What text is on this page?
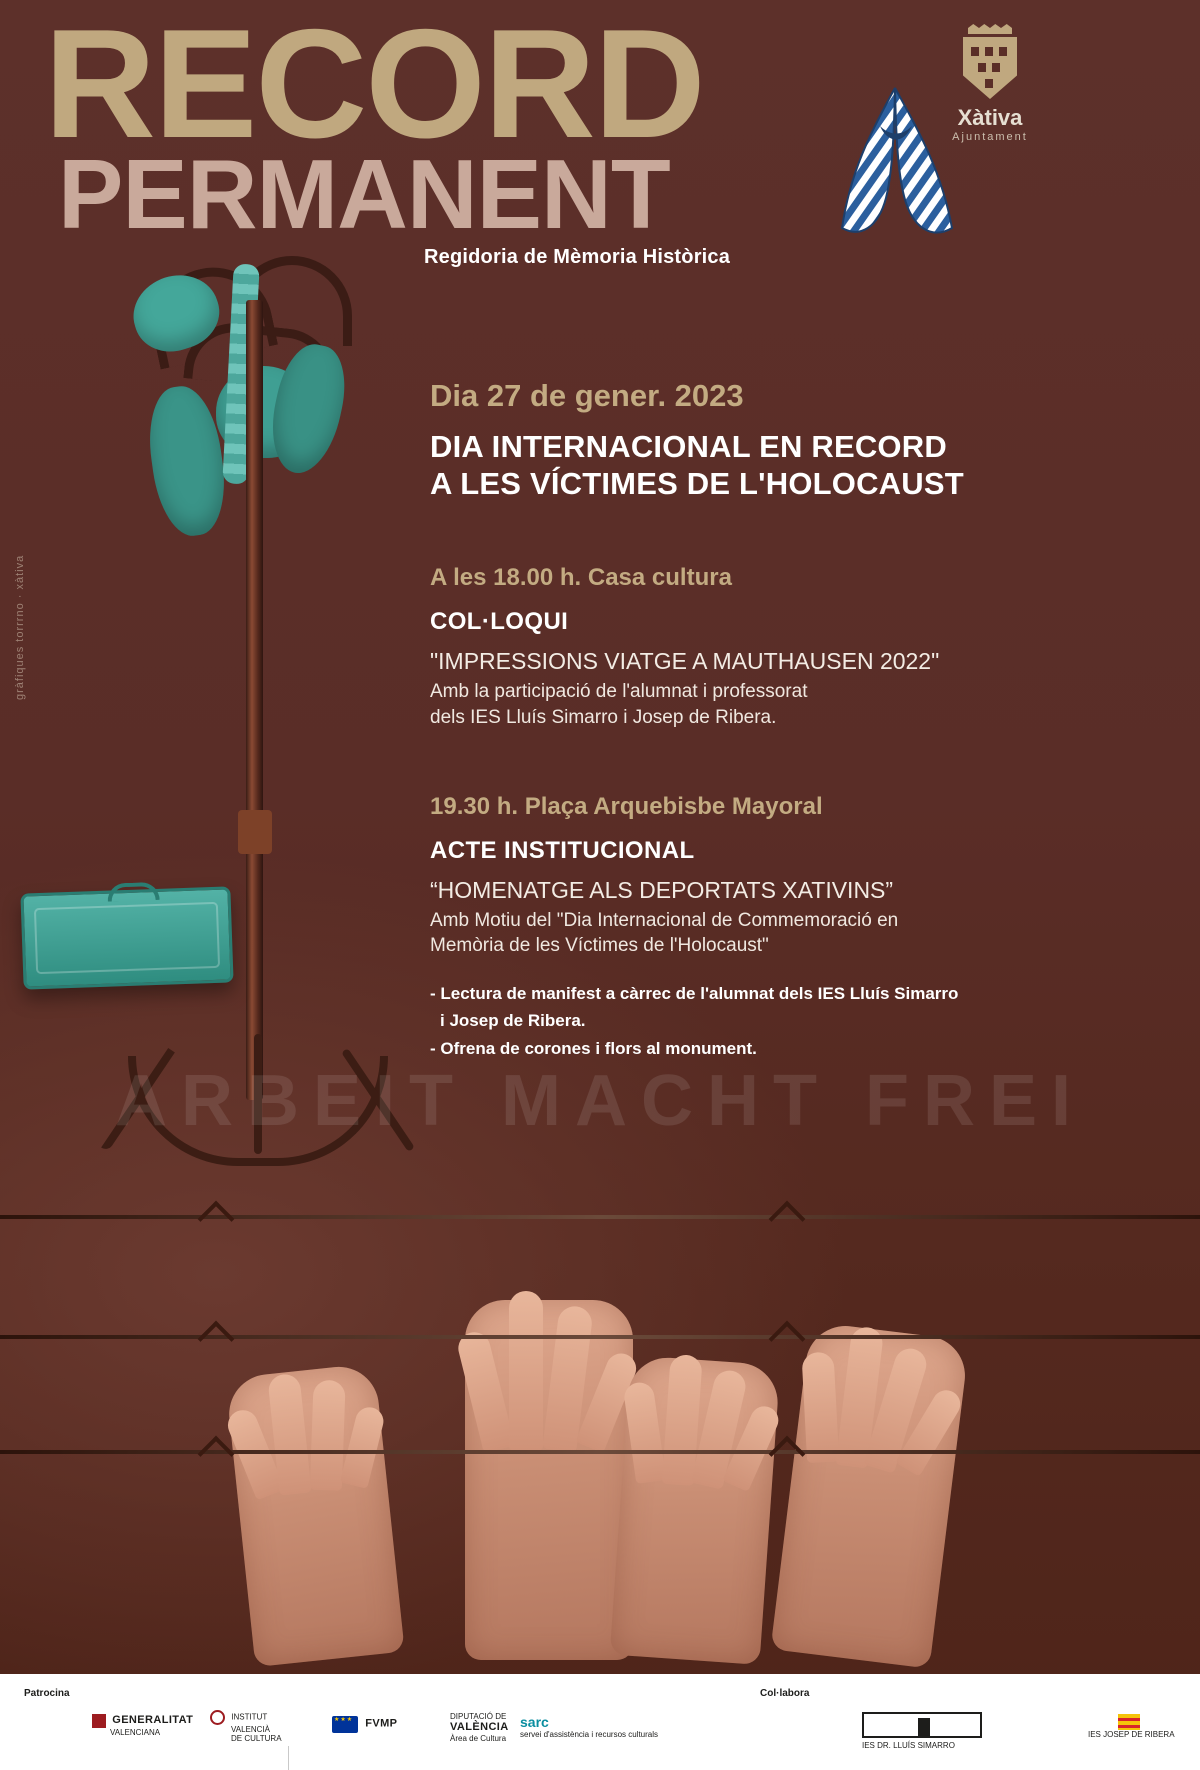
RECORD
PERMANENT
Regidoria de Mèmoria Històrica
Xàtiva
Ajuntament
gràfiques torrrno · xàtiva
Dia 27 de gener. 2023
DIA INTERNACIONAL EN RECORD
A LES VÍCTIMES DE L'HOLOCAUST
A les 18.00 h. Casa cultura
COL·LOQUI
"IMPRESSIONS VIATGE A MAUTHAUSEN 2022"
Amb la participació de l'alumnat i professorat
dels IES Lluís Simarro i Josep de Ribera.
19.30 h. Plaça Arquebisbe Mayoral
ACTE INSTITUCIONAL
“HOMENATGE ALS DEPORTATS XATIVINS”
Amb Motiu del "Dia Internacional de Commemoració en
Memòria de les Víctimes de l'Holocaust"
- Lectura de manifest a càrrec de l'alumnat dels IES Lluís Simarro
i Josep de Ribera.
- Ofrena de corones i flors al monument.
ARBEIT MACHT FREI
Patrocina	Col·labora
GENERALITAT
VALENCIANA
INSTITUT
VALENCIÀ
DE CULTURA
★★★ FVMP
DIPUTACIÓ DE
VALÈNCIA
Àrea de Cultura
sarc
servei d'assistència i recursos culturals
IES DR. LLUÍS SIMARRO

IES JOSEP DE RIBERA
